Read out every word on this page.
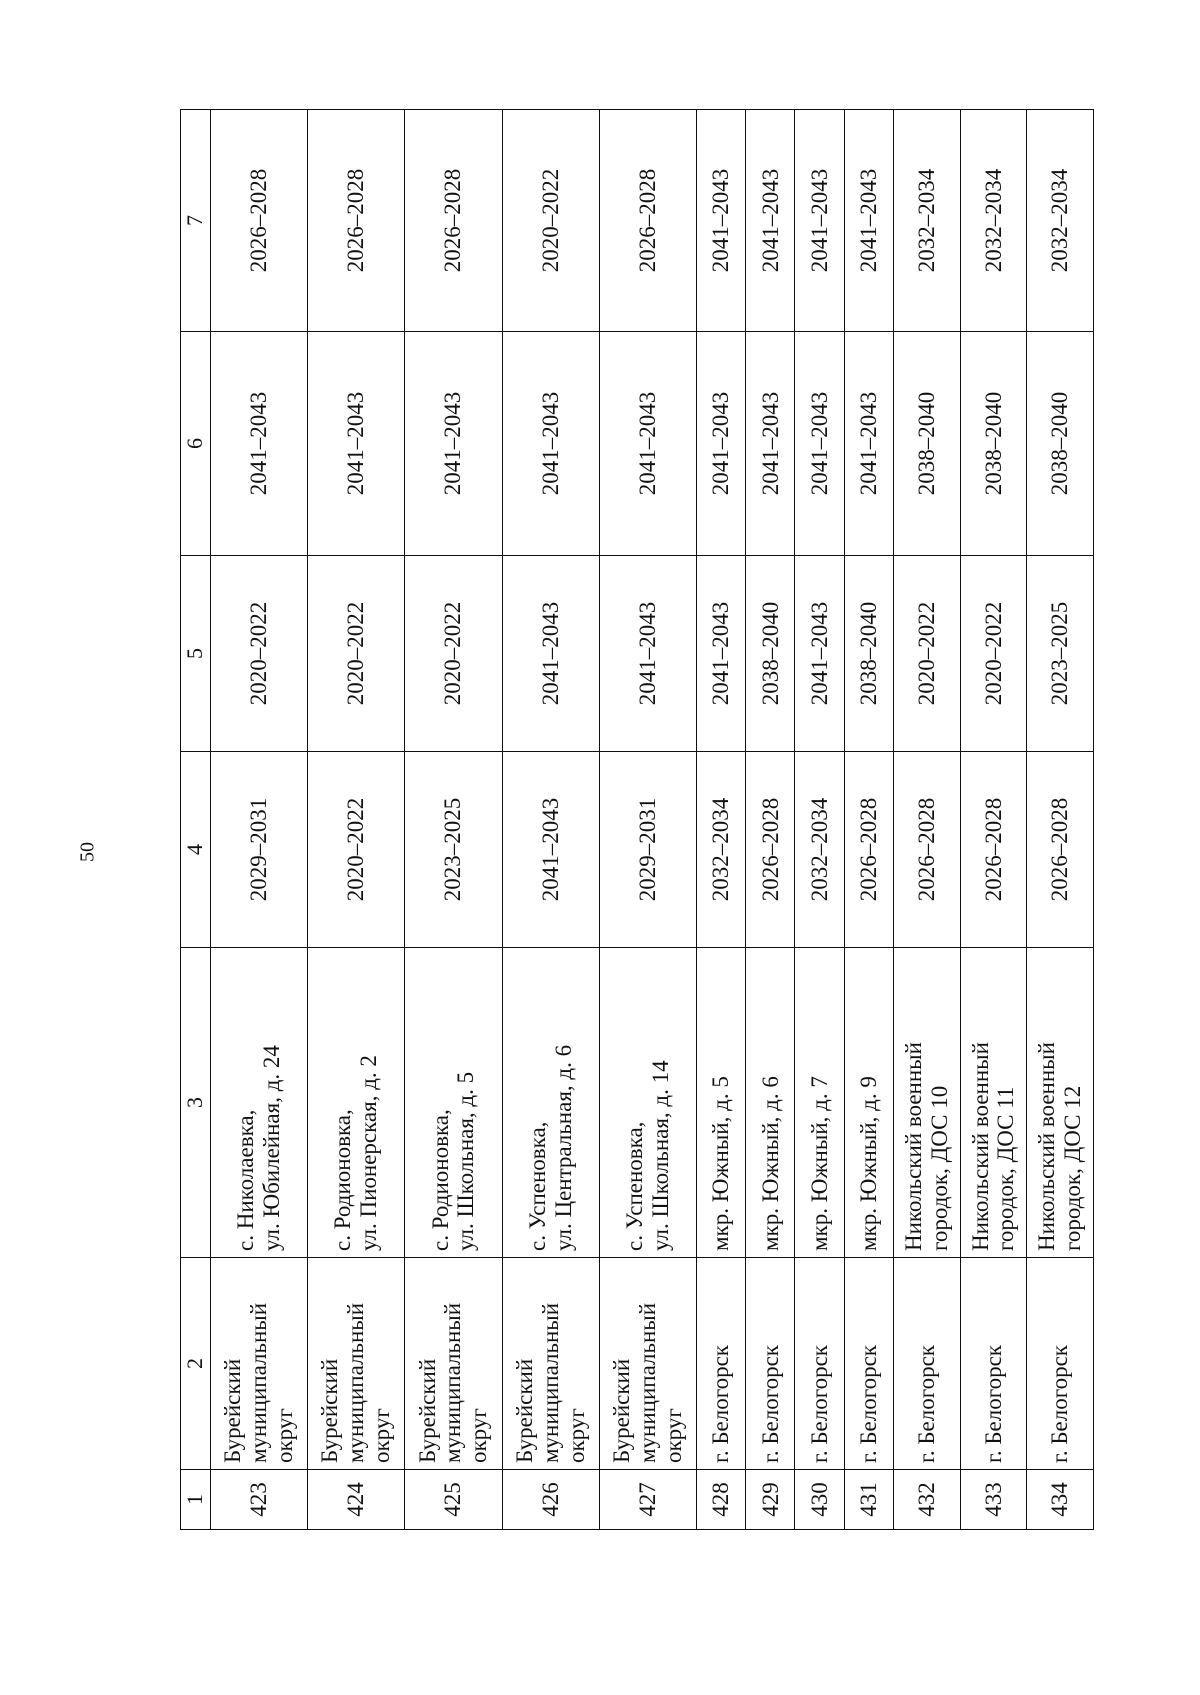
50
1	2	3	4	5	6	7
423	Бурейский муниципальный округ	с. Николаевка,
ул. Юбилейная, д. 24	2029–2031	2020–2022	2041–2043	2026–2028
424	Бурейский муниципальный округ	с. Родионовка,
ул. Пионерская, д. 2	2020–2022	2020–2022	2041–2043	2026–2028
425	Бурейский муниципальный округ	с. Родионовка,
ул. Школьная, д. 5	2023–2025	2020–2022	2041–2043	2026–2028
426	Бурейский муниципальный округ	с. Успеновка,
ул. Центральная, д. 6	2041–2043	2041–2043	2041–2043	2020–2022
427	Бурейский муниципальный округ	с. Успеновка,
ул. Школьная, д. 14	2029–2031	2041–2043	2041–2043	2026–2028
428	г. Белогорск	мкр. Южный, д. 5	2032–2034	2041–2043	2041–2043	2041–2043
429	г. Белогорск	мкр. Южный, д. 6	2026–2028	2038–2040	2041–2043	2041–2043
430	г. Белогорск	мкр. Южный, д. 7	2032–2034	2041–2043	2041–2043	2041–2043
431	г. Белогорск	мкр. Южный, д. 9	2026–2028	2038–2040	2041–2043	2041–2043
432	г. Белогорск	Никольский военный
городок, ДОС 10	2026–2028	2020–2022	2038–2040	2032–2034
433	г. Белогорск	Никольский военный
городок, ДОС 11	2026–2028	2020–2022	2038–2040	2032–2034
434	г. Белогорск	Никольский военный
городок, ДОС 12	2026–2028	2023–2025	2038–2040	2032–2034
